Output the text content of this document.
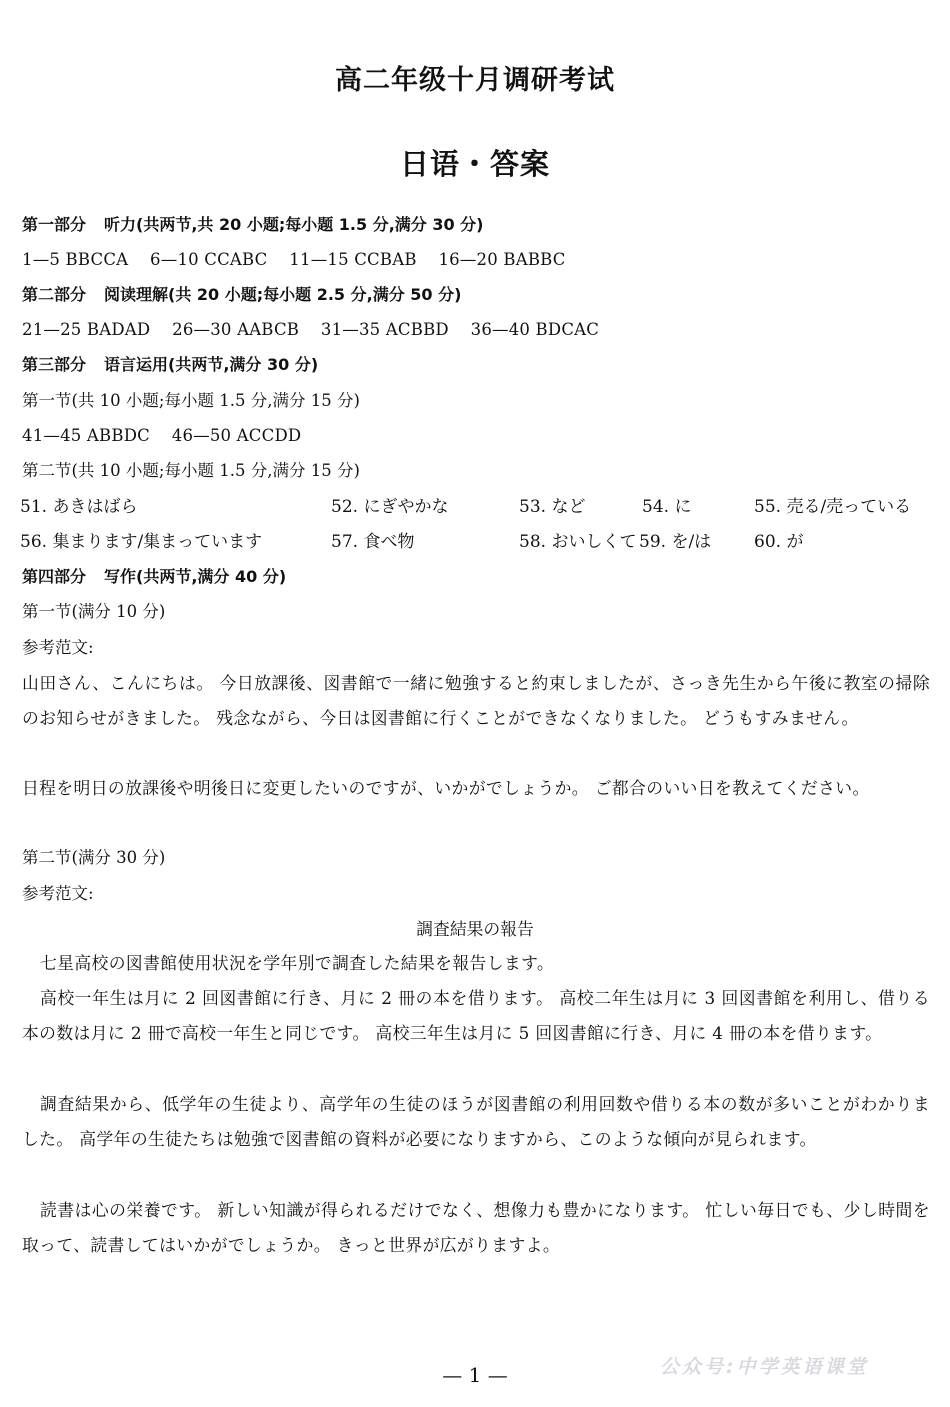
高二年级十月调研考试
日语・答案
第一部分 听力(共两节,共 20 小题;每小题 1.5 分,满分 30 分)
1—5 BBCCA 6—10 CCABC 11—15 CCBAB 16—20 BABBC
第二部分 阅读理解(共 20 小题;每小题 2.5 分,满分 50 分)
21—25 BADAD 26—30 AABCB 31—35 ACBBD 36—40 BDCAC
第三部分 语言运用(共两节,满分 30 分)
第一节(共 10 小题;每小题 1.5 分,满分 15 分)
41—45 ABBDC 46—50 ACCDD
第二节(共 10 小题;每小题 1.5 分,满分 15 分)
51. あきはばら	52. にぎやかな	53. など	54. に	55. 売る/売っている
56. 集まります/集まっています	57. 食べ物	58. おいしくて 59. を/は	60. が
第四部分 写作(共两节,满分 40 分)
第一节(满分 10 分)
参考范文:
山田さん、こんにちは。 今日放課後、図書館で一緒に勉強すると約束しましたが、さっき先生から午後に教室の掃除のお知らせがきました。 残念ながら、今日は図書館に行くことができなくなりました。 どうもすみません。
日程を明日の放課後や明後日に変更したいのですが、いかがでしょうか。 ご都合のいい日を教えてください。
第二节(满分 30 分)
参考范文:
調査結果の報告
七星高校の図書館使用状況を学年別で調査した結果を報告します。
高校一年生は月に 2 回図書館に行き、月に 2 冊の本を借ります。 高校二年生は月に 3 回図書館を利用し、借りる本の数は月に 2 冊で高校一年生と同じです。 高校三年生は月に 5 回図書館に行き、月に 4 冊の本を借ります。
調査結果から、低学年の生徒より、高学年の生徒のほうが図書館の利用回数や借りる本の数が多いことがわかりました。 高学年の生徒たちは勉強で図書館の資料が必要になりますから、このような傾向が見られます。
読書は心の栄養です。 新しい知識が得られるだけでなく、想像力も豊かになります。 忙しい毎日でも、少し時間を取って、読書してはいかがでしょうか。 きっと世界が広がりますよ。
— 1 —	公众号:中学英语课堂
